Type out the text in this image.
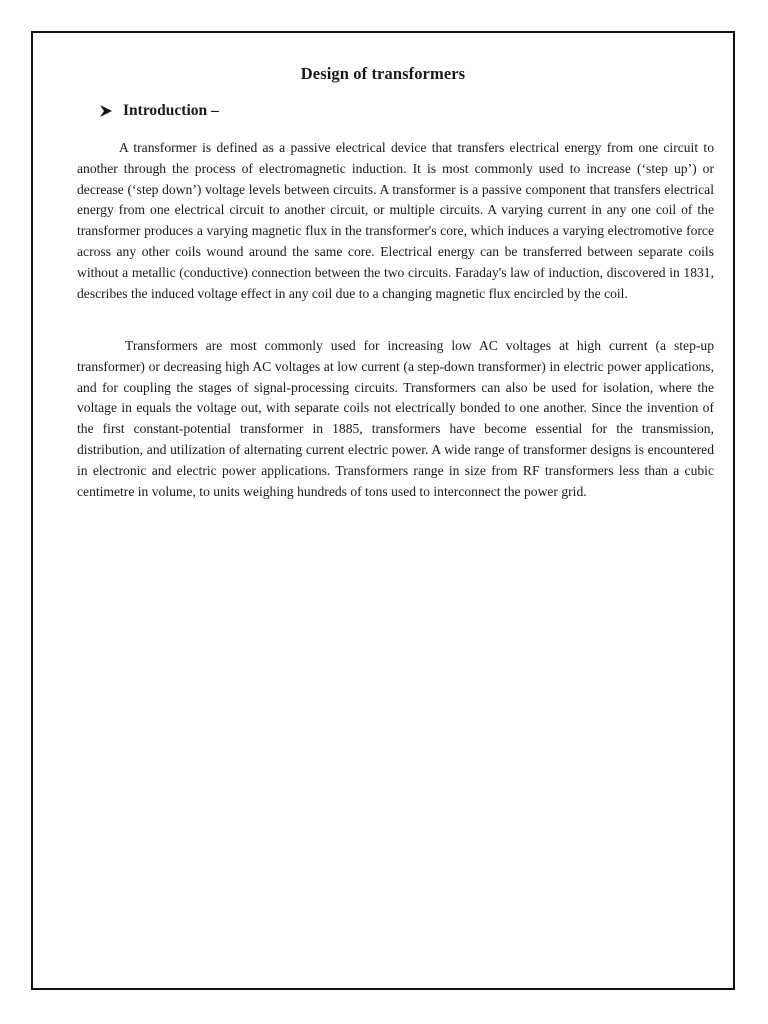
Design of transformers
Introduction –

A transformer is defined as a passive electrical device that transfers electrical energy from one circuit to another through the process of electromagnetic induction. It is most commonly used to increase (‘step up’) or decrease (‘step down’) voltage levels between circuits. A transformer is a passive component that transfers electrical energy from one electrical circuit to another circuit, or multiple circuits. A varying current in any one coil of the transformer produces a varying magnetic flux in the transformer's core, which induces a varying electromotive force across any other coils wound around the same core. Electrical energy can be transferred between separate coils without a metallic (conductive) connection between the two circuits. Faraday's law of induction, discovered in 1831, describes the induced voltage effect in any coil due to a changing magnetic flux encircled by the coil.

Transformers are most commonly used for increasing low AC voltages at high current (a step-up transformer) or decreasing high AC voltages at low current (a step-down transformer) in electric power applications, and for coupling the stages of signal-processing circuits. Transformers can also be used for isolation, where the voltage in equals the voltage out, with separate coils not electrically bonded to one another. Since the invention of the first constant-potential transformer in 1885, transformers have become essential for the transmission, distribution, and utilization of alternating current electric power. A wide range of transformer designs is encountered in electronic and electric power applications. Transformers range in size from RF transformers less than a cubic centimetre in volume, to units weighing hundreds of tons used to interconnect the power grid.
